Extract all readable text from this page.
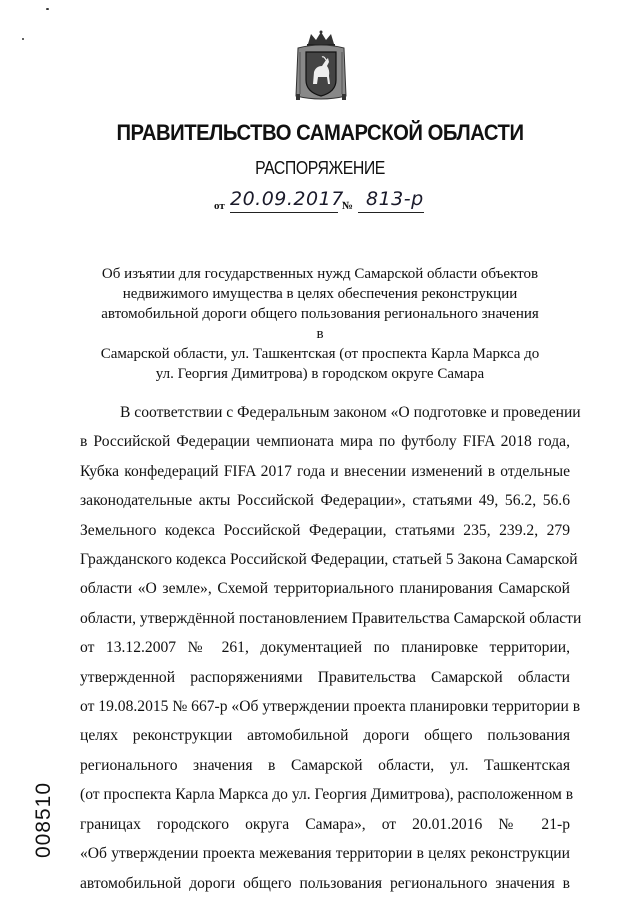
ПРАВИТЕЛЬСТВО САМАРСКОЙ ОБЛАСТИ
РАСПОРЯЖЕНИЕ
от 20.09.2017
№ 813-р
Об изъятии для государственных нужд Самарской области объектов
недвижимого имущества в целях обеспечения реконструкции
автомобильной дороги общего пользования регионального значения в
Самарской области, ул. Ташкентская (от проспекта Карла Маркса до
ул. Георгия Димитрова) в городском округе Самара
В соответствии с Федеральным законом «О подготовке и проведении
в Российской Федерации чемпионата мира по футболу FIFA 2018 года,
Кубка конфедераций FIFA 2017 года и внесении изменений в отдельные
законодательные акты Российской Федерации», статьями 49, 56.2, 56.6
Земельного кодекса Российской Федерации, статьями 235, 239.2, 279
Гражданского кодекса Российской Федерации, статьей 5 Закона Самарской
области «О земле», Схемой территориального планирования Самарской
области, утверждённой постановлением Правительства Самарской области
от 13.12.2007 № 261, документацией по планировке территории,
утвержденной распоряжениями Правительства Самарской области
от 19.08.2015 № 667-р «Об утверждении проекта планировки территории в
целях реконструкции автомобильной дороги общего пользования
регионального значения в Самарской области, ул. Ташкентская
(от проспекта Карла Маркса до ул. Георгия Димитрова), расположенном в
границах городского округа Самара», от 20.01.2016 № 21-р
«Об утверждении проекта межевания территории в целях реконструкции
автомобильной дороги общего пользования регионального значения в
008510
